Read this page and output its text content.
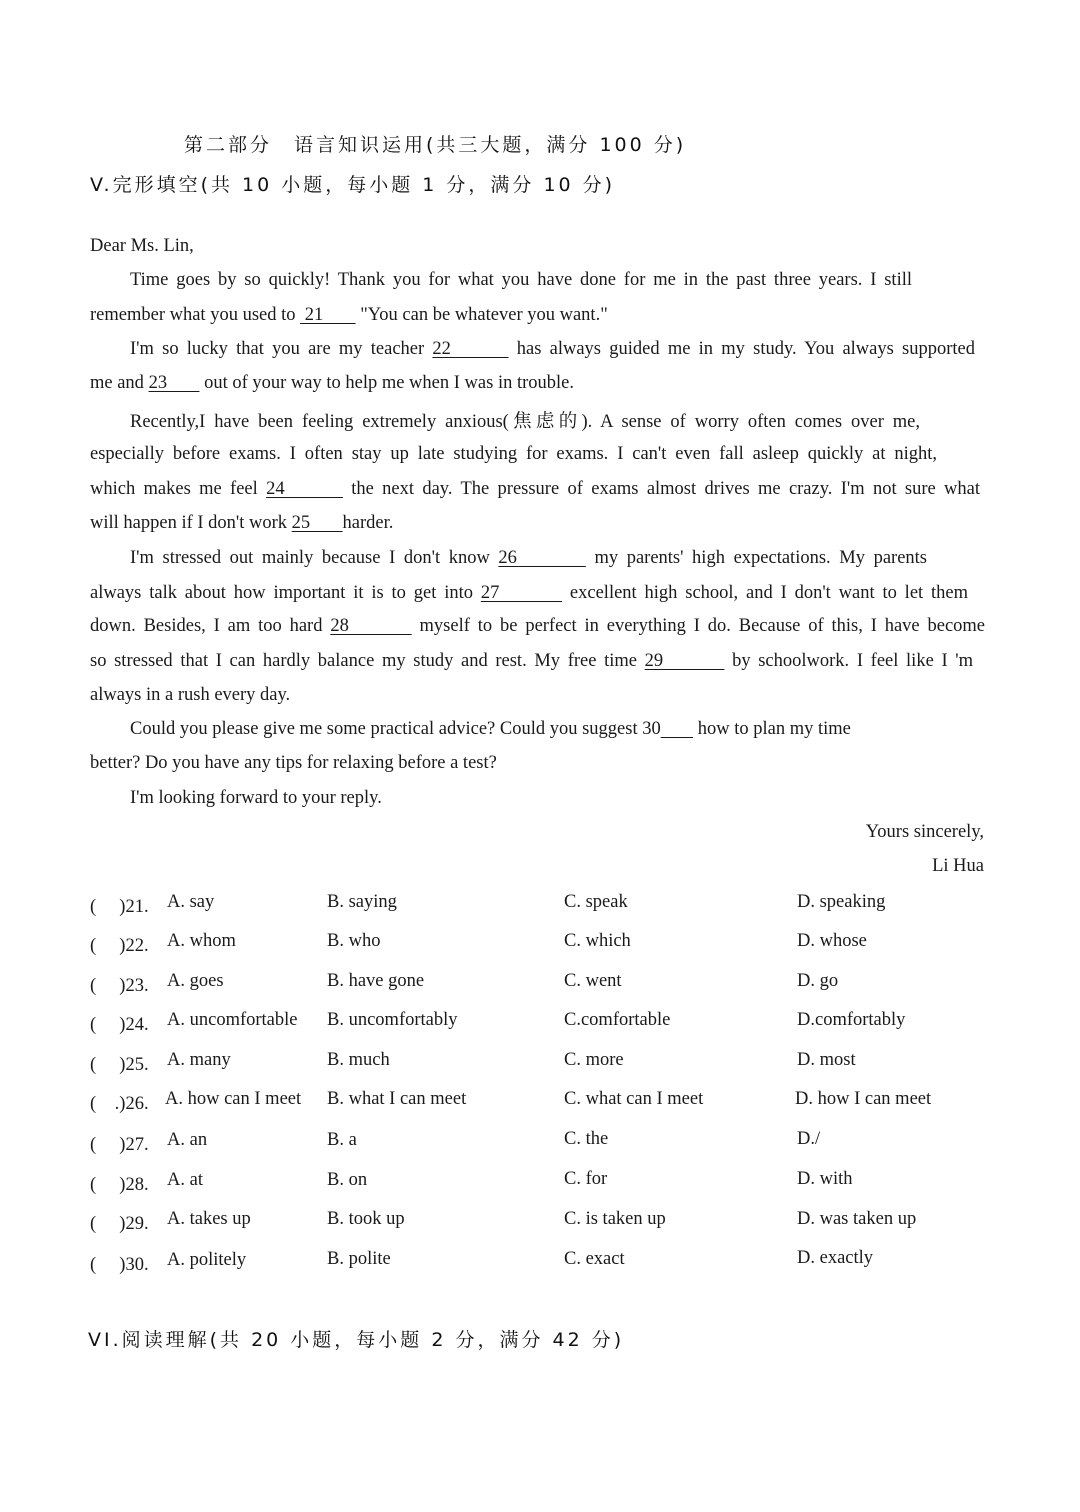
第二部分　语言知识运用(共三大题，满分 100 分)
V.完形填空(共 10 小题，每小题 1 分，满分 10 分)
Dear Ms. Lin,
Time goes by so quickly! Thank you for what you have done for me in the past three years. I still
remember what you used to  21        "You can be whatever you want."
I'm so lucky that you are my teacher 22        has always guided me in my study. You always supported
me and 23        out of your way to help me when I was in trouble.
Recently,I have been feeling extremely anxious(焦虑的). A sense of worry often comes over me,
especially before exams. I often stay up late studying for exams. I can't even fall asleep quickly at night,
which makes me feel 24        the next day. The pressure of exams almost drives me crazy. I'm not sure what
will happen if I don't work 25       harder.
I'm stressed out mainly because I don't know 26         my parents' high expectations. My parents
always talk about how important it is to get into 27         excellent high school, and I don't want to let them
down. Besides, I am too hard 28         myself to be perfect in everything I do. Because of this, I have become
so stressed that I can hardly balance my study and rest. My free time 29         by schoolwork. I feel like I 'm
always in a rush every day.
Could you please give me some practical advice? Could you suggest 30        how to plan my time
better? Do you have any tips for relaxing before a test?
I'm looking forward to your reply.
Yours sincerely,
Li Hua
(　 )21. A. say	B. saying	C. speak	D. speaking
(　 )22. A. whom	B. who	C. which	D. whose
(　 )23. A. goes	B. have gone	C. went	D. go
(　 )24. A. uncomfortable B. uncomfortably	C.comfortable	D.comfortably
(　 )25. A. many	B. much	C. more	D. most
(　.)26. A. how can I meet B. what I can meet	C. what can I meet	D. how I can meet
(　 )27. A. an	B. a	C. the	D./
(　 )28. A. at	B. on	C. for	D. with
(　 )29. A. takes up	B. took up	C. is taken up	D. was taken up
(　 )30. A. politely	B. polite	C. exact	D. exactly
VI.阅读理解(共 20 小题，每小题 2 分，满分 42 分)
